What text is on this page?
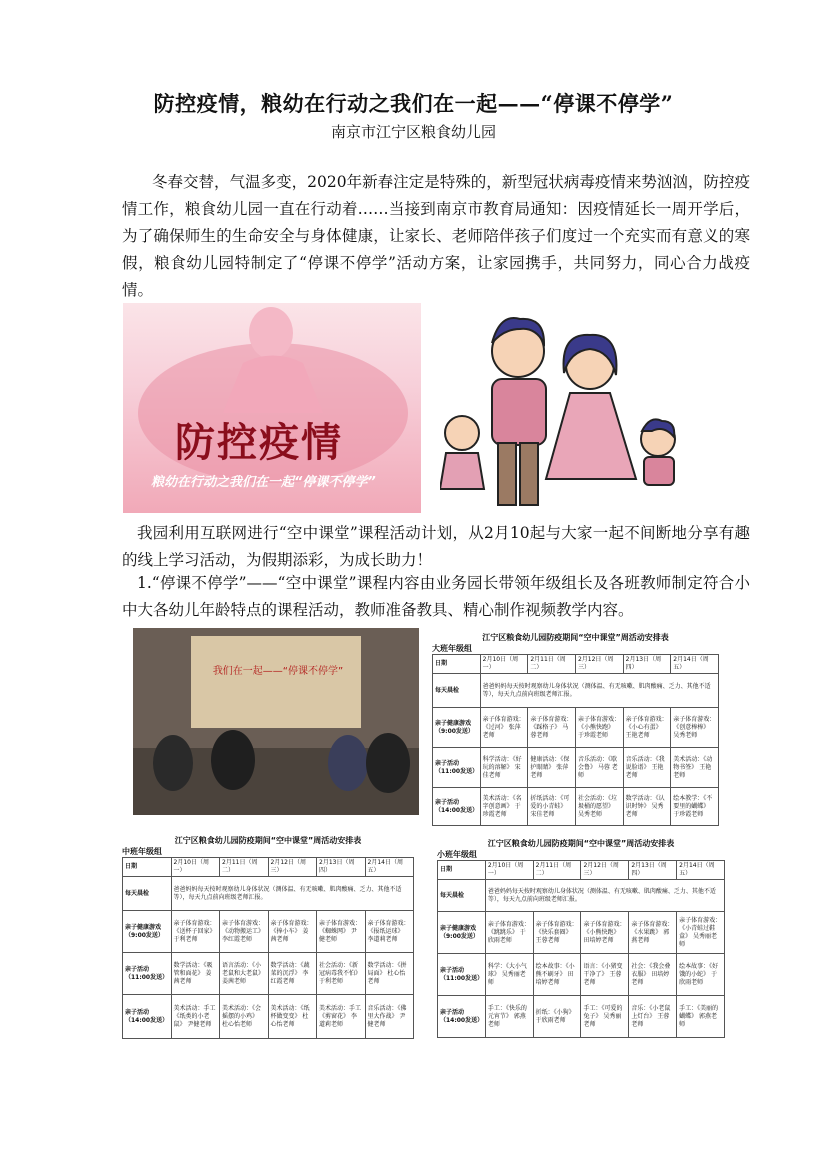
防控疫情，粮幼在行动之我们在一起——“停课不停学”
南京市江宁区粮食幼儿园

冬春交替，气温多变，2020年新春注定是特殊的，新型冠状病毒疫情来势汹汹，防控疫情工作，粮食幼儿园一直在行动着……当接到南京市教育局通知：因疫情延长一周开学后，为了确保师生的生命安全与身体健康，让家长、老师陪伴孩子们度过一个充实而有意义的寒假，粮食幼儿园特制定了“停课不停学”活动方案，让家园携手，共同努力，同心合力战疫情。

防控疫情
粮幼在行动之我们在一起“停课不停学”

我园利用互联网进行“空中课堂”课程活动计划，从2月10起与大家一起不间断地分享有趣的线上学习活动，为假期添彩，为成长助力！

1.“停课不停学”——“空中课堂”课程内容由业务园长带领年级组长及各班教师制定符合小中大各幼儿年龄特点的课程活动，教师准备教具、精心制作视频教学内容。

我们在一起——“停课不停学”
江宁区粮食幼儿园防疫期间“空中课堂”周活动安排表
大班年级组
日期	2月10日（周一）	2月11日（周二）	2月12日（周三）	2月13日（周四）	2月14日（周五）
每天晨检	爸爸妈妈每天按时观察幼儿身体状况（测体温、有无咳嗽、肌肉酸痛、乏力、其他不适等），每天九点前向班级老师汇报。				
亲子健康游戏（9:00发送）	亲子体育游戏：《过河》 张萍老师	亲子体育游戏：《踩格子》 马蓉老师	亲子体育游戏：《小熊快跑》 于珍霞老师	亲子体育游戏：《小心有蛋》 王艳老师	亲子体育游戏：《创意棒棒》 吴秀老师
亲子活动（11:00发送）	科学活动：《好玩的溶解》 宋佳老师	健康活动：《保护眼睛》 张萍老师	音乐活动：《歇会鲁》 马蓉 老师	音乐活动：《我说脸谱》 王艳老师	美术活动：《动物书签》 王艳老师
亲子活动（14:00发送）	美术活动：《名字创意画》 于珍霞老师	折纸活动：《可爱的小青蛙》 宋佳老师	社会活动：《垃圾桶的愿望》 吴秀老师	数学活动：《认识时钟》 吴秀老师	绘本教学：《不要里的蝴蝶》 于珍霞老师
江宁区粮食幼儿园防疫期间“空中课堂”周活动安排表
中班年级组
日期	2月10日（周一）	2月11日（周二）	2月12日（周三）	2月13日（周四）	2月14日（周五）
每天晨检	爸爸妈妈每天按时观察幼儿身体状况（测体温、有无咳嗽、肌肉酸痛、乏力、其他不适等），每天九点前向班级老师汇报。				
亲子健康游戏（9:00发送）	亲子体育游戏：《送杯子回家》 于利老师	亲子体育游戏：《动物搬运工》 李红霞老师	亲子体育游戏：《捧小车》 姜茜老师	亲子体育游戏：《蜘蛛网》 尹健老师	亲子体育游戏：《报纸运球》 李道莉老师
亲子活动（11:00发送）	数学活动：《吸管和面花》 姜茜老师	语言活动：《小老鼠和大老鼠》 姜茜老师	数学活动：《蔬菜的沉浮》 李红霞老师	社会活动：《新冠病毒我不怕》 于利老师	数学活动：《拼局面》 杜心怡老师
亲子活动（14:00发送）	美术活动：手工《纸类的小老鼠》 尹健老师	美术活动：《会摇摆的小鸡》 杜心怡老师	美术活动：《纸杯做变变》 杜心怡老师	美术活动：手工《剪窗花》 李道莉老师	音乐活动：《佛里大作战》 尹健老师
江宁区粮食幼儿园防疫期间“空中课堂”周活动安排表
小班年级组
日期	2月10日（周一）	2月11日（周二）	2月12日（周三）	2月13日（周四）	2月14日（周五）
每天晨检	爸爸妈妈每天按时观察幼儿身体状况（测体温、有无咳嗽、肌肉酸痛、乏力、其他不适等），每天九点前向班级老师汇报。				
亲子健康游戏（9:00发送）	亲子体育游戏：《跳跳乐》 于欣雨老师	亲子体育游戏：《快乐套圈》 王蓉老师	亲子体育游戏：《小熊快跑》 田培婷老师	亲子体育游戏：《水果跳》 郭燕老师	亲子体育游戏：《小青蛙过鞋盒》 吴秀丽老师
亲子活动（11:00发送）	科学：《大小气球》 吴秀丽老师	绘本故事：《小熊不刷牙》 田培婷老师	语言：《小猪变干净了》 王蓉老师	社会：《我会叠衣服》 田培婷老师	绘本故事：《好饿的小蛇》 于欣雨老师
亲子活动（14:00发送）	手工：《快乐的元宵节》 郭燕老师	折纸：《小狗》 于欣雨老师	手工：《可爱的兔子》 吴秀丽老师	音乐：《小老鼠上灯台》 王蓉老师	手工：《美丽的蝴蝶》 郭燕老师
